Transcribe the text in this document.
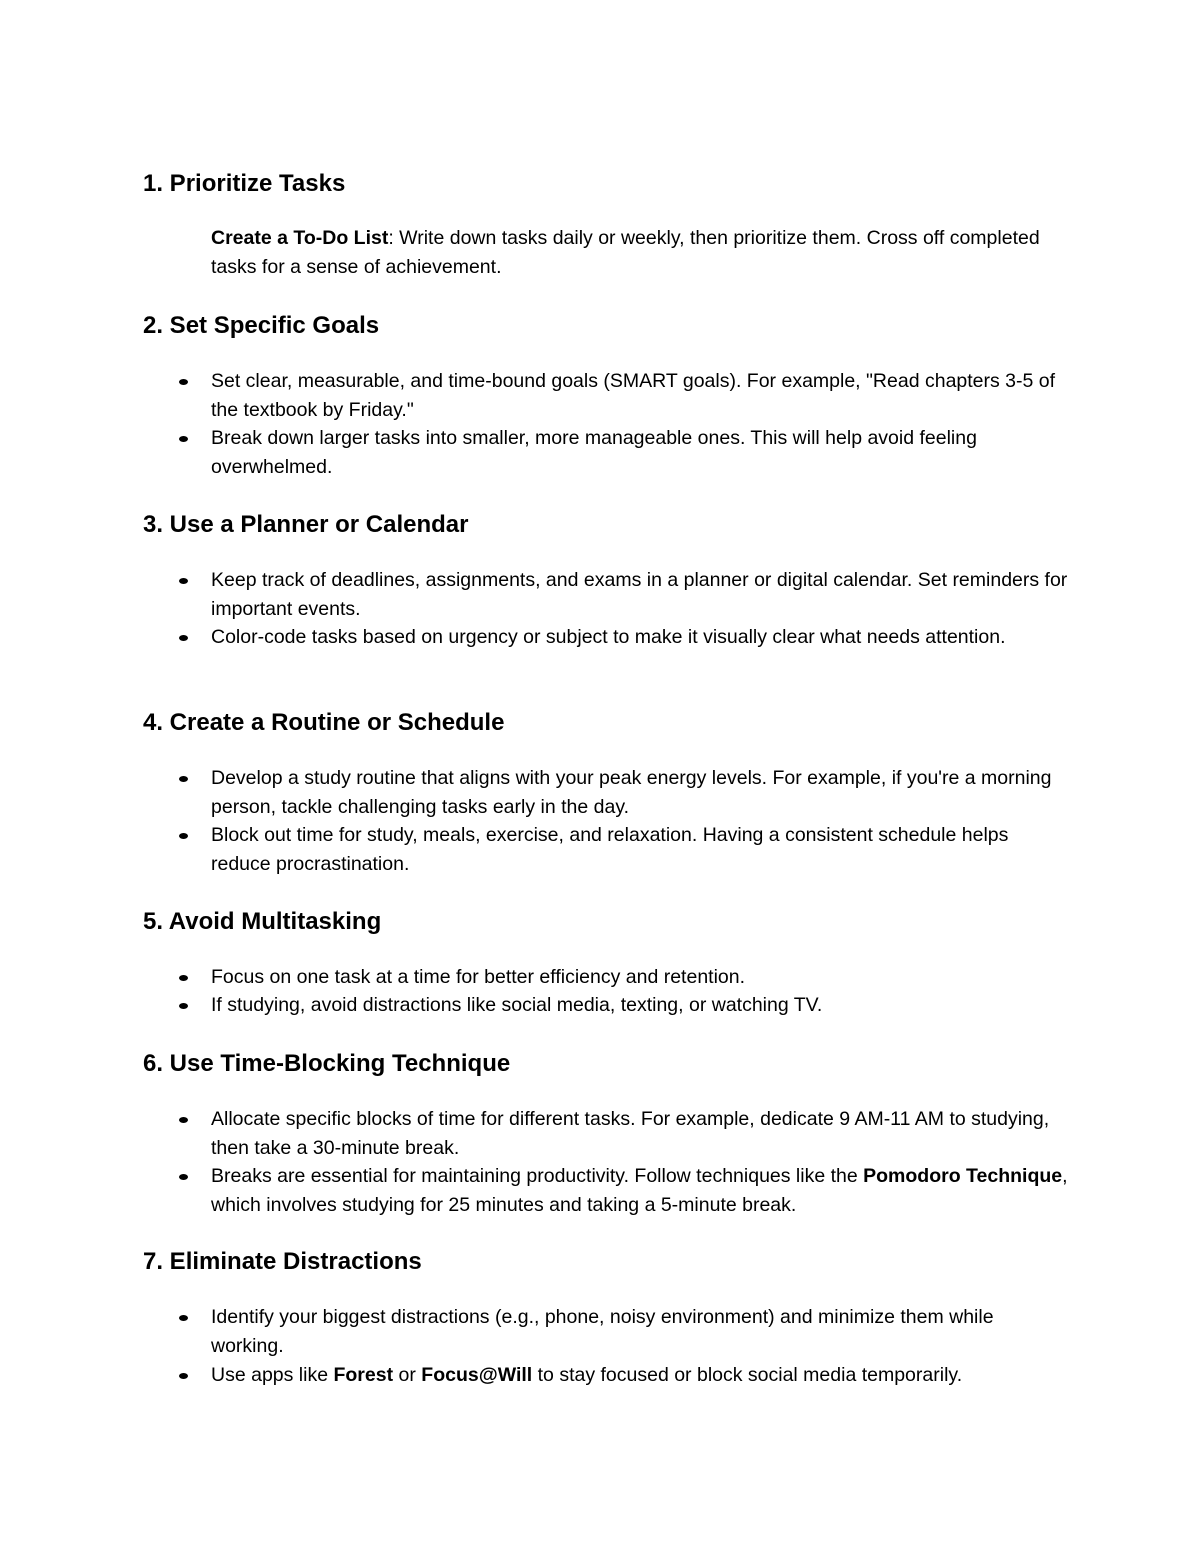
1. Prioritize Tasks
Create a To-Do List: Write down tasks daily or weekly, then prioritize them. Cross off completed tasks for a sense of achievement.
2. Set Specific Goals
Set clear, measurable, and time-bound goals (SMART goals). For example, "Read chapters 3-5 of the textbook by Friday."
Break down larger tasks into smaller, more manageable ones. This will help avoid feeling overwhelmed.
3. Use a Planner or Calendar
Keep track of deadlines, assignments, and exams in a planner or digital calendar. Set reminders for important events.
Color-code tasks based on urgency or subject to make it visually clear what needs attention.
4. Create a Routine or Schedule
Develop a study routine that aligns with your peak energy levels. For example, if you're a morning person, tackle challenging tasks early in the day.
Block out time for study, meals, exercise, and relaxation. Having a consistent schedule helps reduce procrastination.
5. Avoid Multitasking
Focus on one task at a time for better efficiency and retention.
If studying, avoid distractions like social media, texting, or watching TV.
6. Use Time-Blocking Technique
Allocate specific blocks of time for different tasks. For example, dedicate 9 AM-11 AM to studying, then take a 30-minute break.
Breaks are essential for maintaining productivity. Follow techniques like the Pomodoro Technique, which involves studying for 25 minutes and taking a 5-minute break.
7. Eliminate Distractions
Identify your biggest distractions (e.g., phone, noisy environment) and minimize them while working.
Use apps like Forest or Focus@Will to stay focused or block social media temporarily.
